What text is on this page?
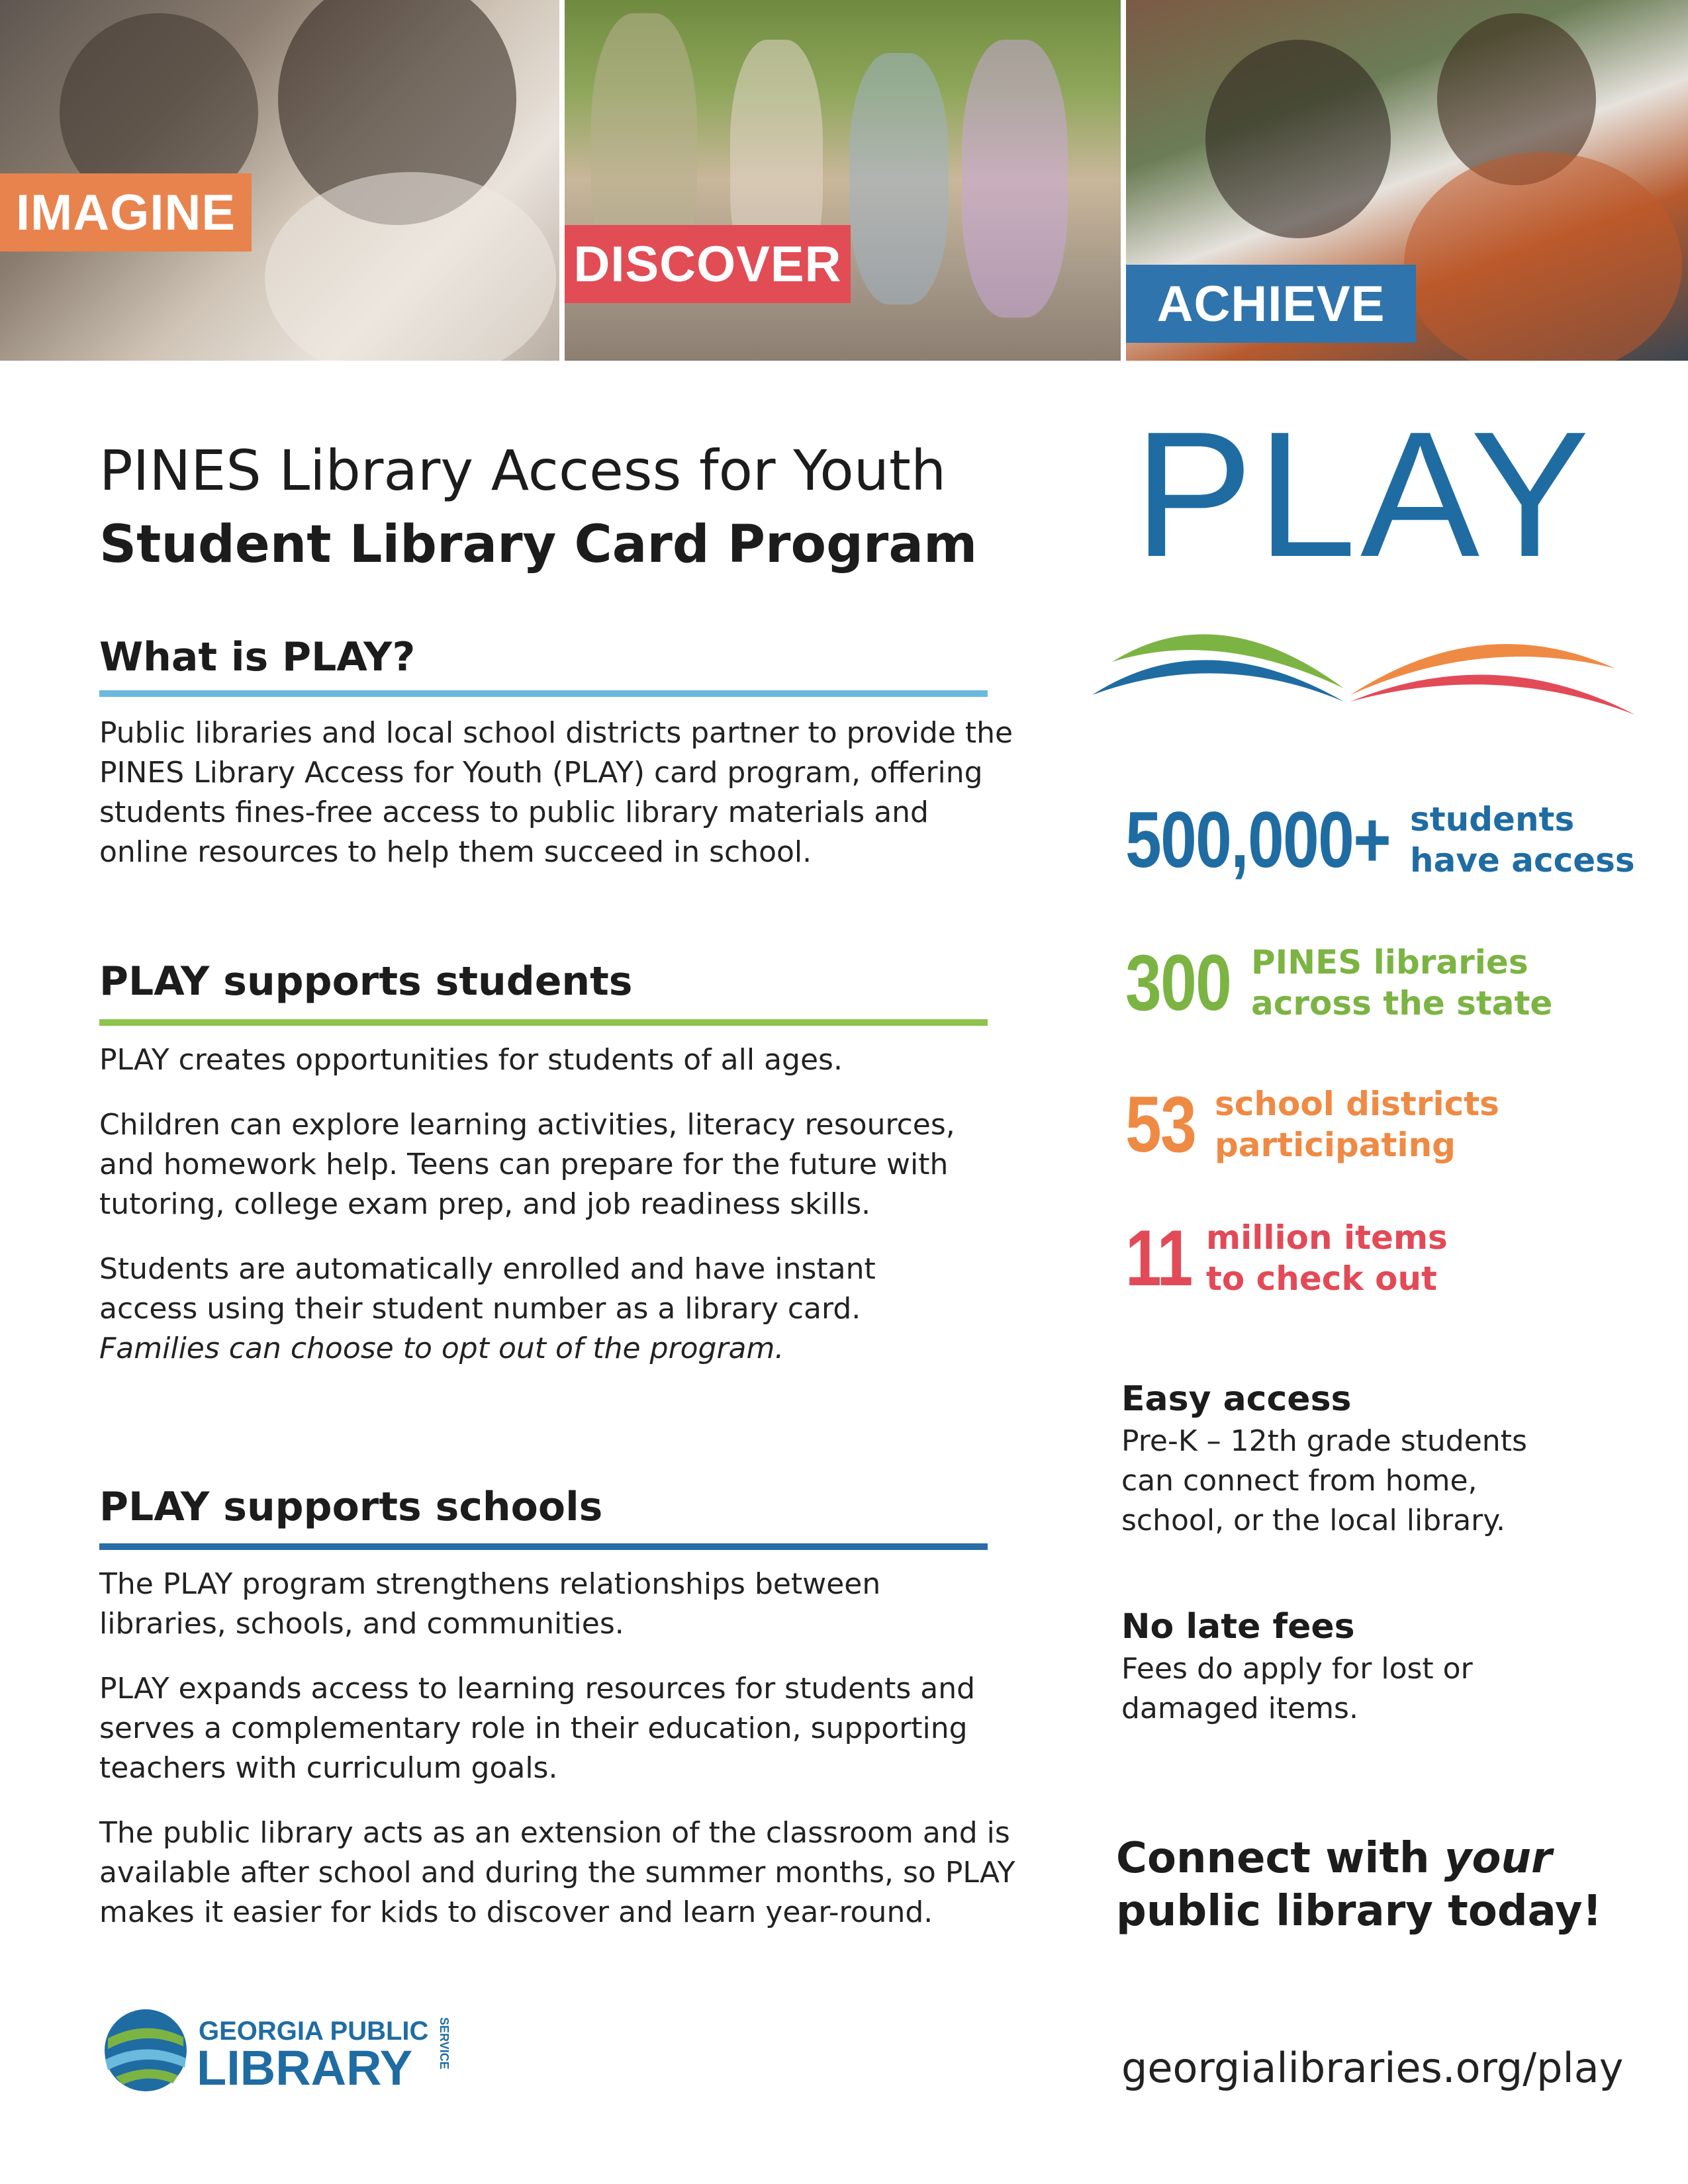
IMAGINE
DISCOVER
ACHIEVE
PINES Library Access for Youth
Student Library Card Program
What is PLAY?
Public libraries and local school districts partner to provide the PINES Library Access for Youth (PLAY) card program, offering students fines-free access to public library materials and online resources to help them succeed in school.
PLAY supports students

PLAY creates opportunities for students of all ages.

Children can explore learning activities, literacy resources, and homework help. Teens can prepare for the future with tutoring, college exam prep, and job readiness skills.

Students are automatically enrolled and have instant access using their student number as a library card. Families can choose to opt out of the program.

PLAY supports schools

The PLAY program strengthens relationships between libraries, schools, and communities.

PLAY expands access to learning resources for students and serves a complementary role in their education, supporting teachers with curriculum goals.

The public library acts as an extension of the classroom and is available after school and during the summer months, so PLAY makes it easier for kids to discover and learn year-round.

PLAY
500,000+ students
have access
300 PINES libraries
across the state
53 school districts
participating
11 million items
to check out
Easy access
Pre-K – 12th grade students can connect from home, school, or the local library.
No late fees
Fees do apply for lost or damaged items.
Connect with your
public library today!
georgialibraries.org/play
GEORGIA PUBLIC
LIBRARY SERVICE
